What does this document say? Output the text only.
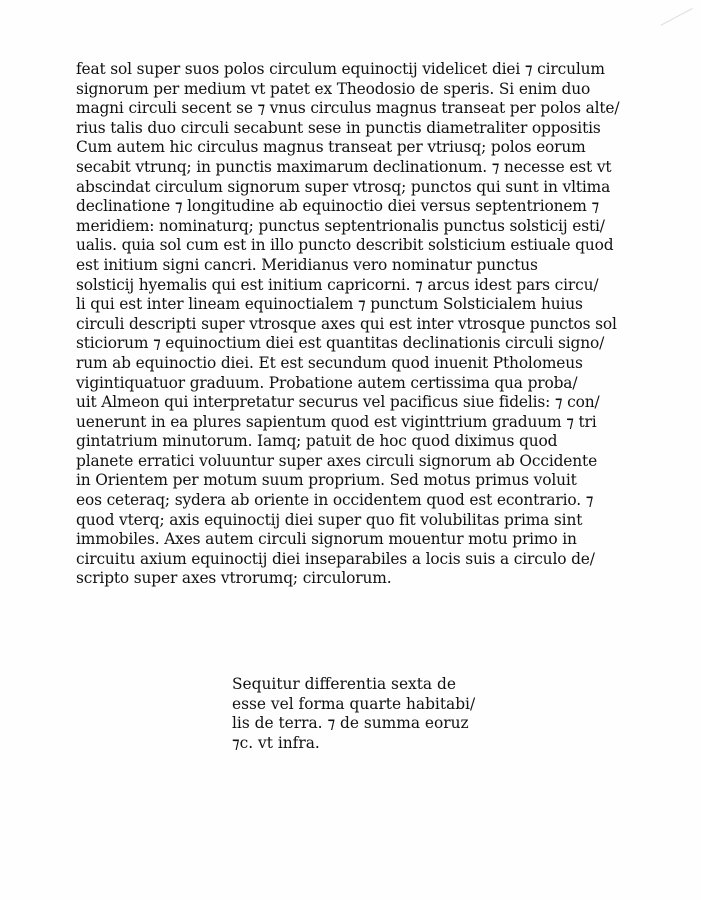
feat sol super suos polos circulum equinoctij videlicet diei ⁊ circulum
signorum per medium vt patet ex Theodosio de speris. Si enim duo
magni circuli secent se ⁊ vnus circulus magnus transeat per polos alte/
rius talis duo circuli secabunt sese in punctis diametraliter oppositis
Cum autem hic circulus magnus transeat per vtriusq; polos eorum
secabit vtrunq; in punctis maximarum declinationum. ⁊ necesse est vt
abscindat circulum signorum super vtrosq; punctos qui sunt in vltima
declinatione ⁊ longitudine ab equinoctio diei versus septentrionem ⁊
meridiem: nominaturq; punctus septentrionalis punctus solsticij esti/
ualis. quia sol cum est in illo puncto describit solsticium estiuale quod
est initium signi cancri. Meridianus vero nominatur punctus
solsticij hyemalis qui est initium capricorni. ⁊ arcus idest pars circu/
li qui est inter lineam equinoctialem ⁊ punctum Solsticialem huius
circuli descripti super vtrosque axes qui est inter vtrosque punctos sol
sticiorum ⁊ equinoctium diei est quantitas declinationis circuli signo/
rum ab equinoctio diei. Et est secundum quod inuenit Ptholomeus
vigintiquatuor graduum. Probatione autem certissima qua proba/
uit Almeon qui interpretatur securus vel pacificus siue fidelis: ⁊ con/
uenerunt in ea plures sapientum quod est viginttrium graduum ⁊ tri
gintatrium minutorum. Iamq; patuit de hoc quod diximus quod
planete erratici voluuntur super axes circuli signorum ab Occidente
in Orientem per motum suum proprium. Sed motus primus voluit
eos ceteraq; sydera ab oriente in occidentem quod est econtrario. ⁊
quod vterq; axis equinoctij diei super quo fit volubilitas prima sint
immobiles. Axes autem circuli signorum mouentur motu primo in
circuitu axium equinoctij diei inseparabiles a locis suis a circulo de/
scripto super axes vtrorumq; circulorum.
Sequitur differentia sexta de
esse vel forma quarte habitabi/
lis de terra. ⁊ de summa eoruz
⁊c. vt infra.
